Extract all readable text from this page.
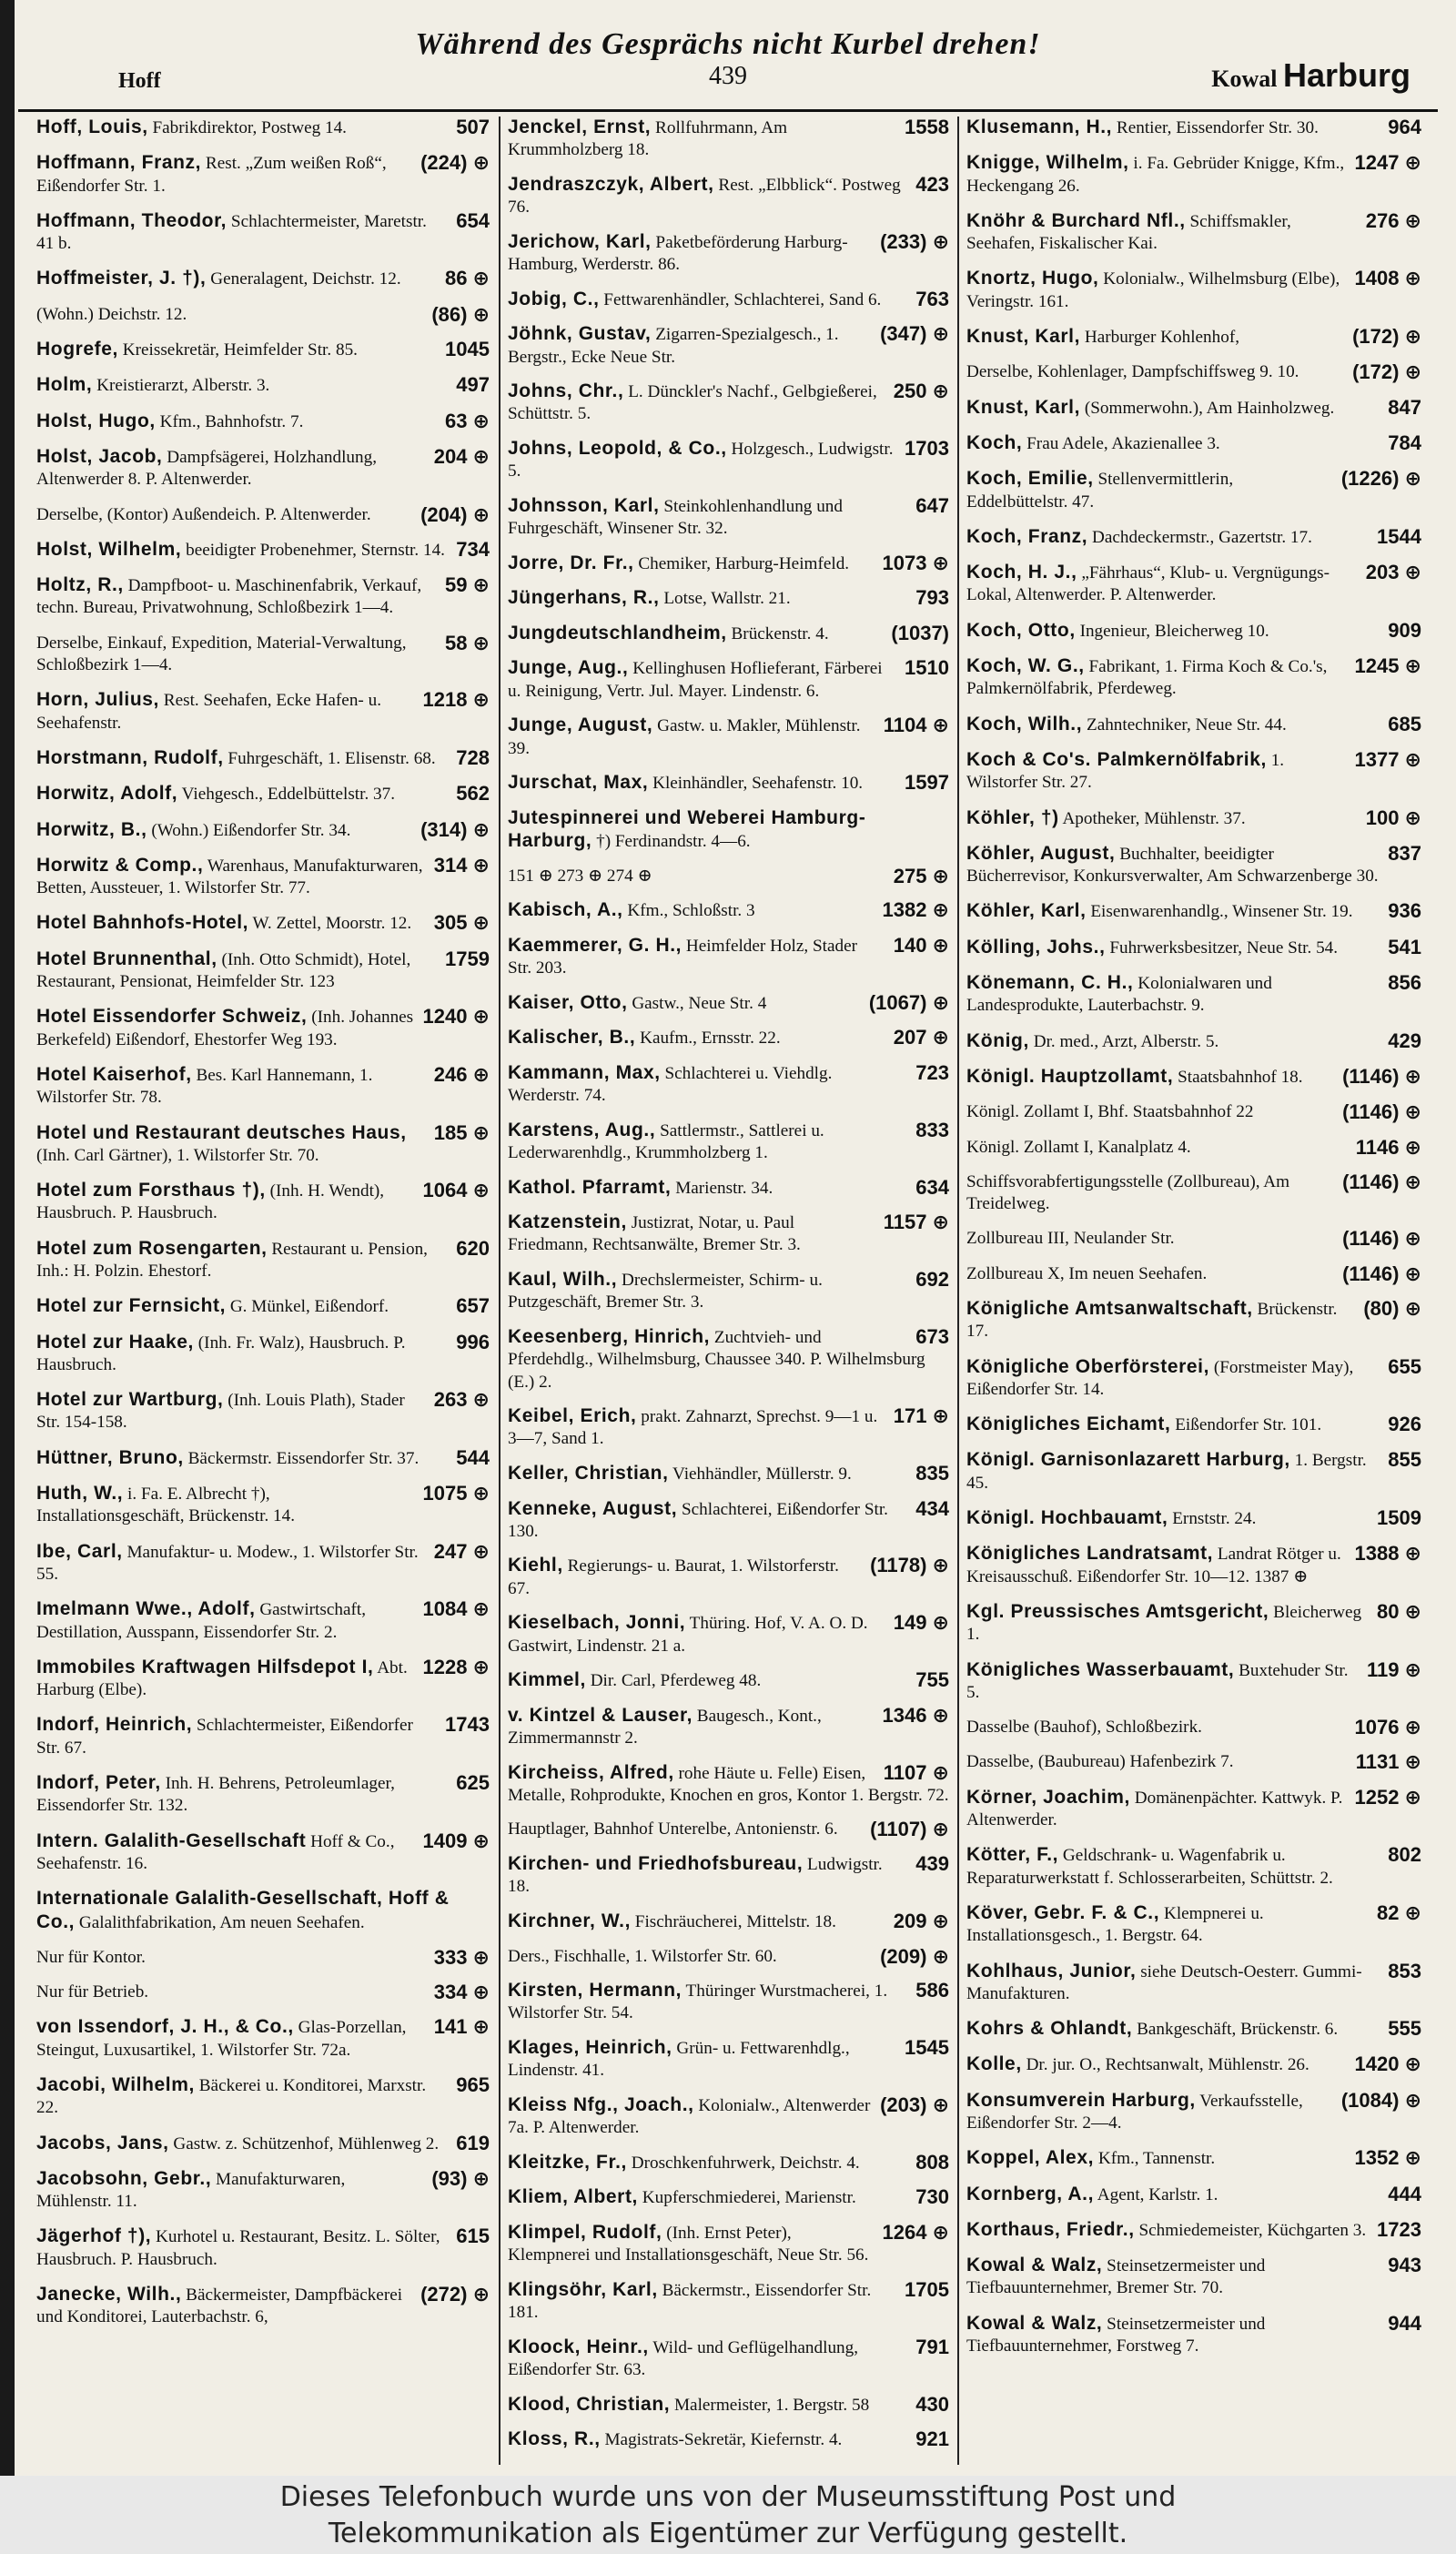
Während des Gesprächs nicht Kurbel drehen!
439
Hoff	Kowal Harburg
507
Hoff, Louis, Fabrikdirektor, Postweg 14.
(224) ⊕
Hoffmann, Franz, Rest. „Zum weißen Roß“, Eißendorfer Str. 1.
654
Hoffmann, Theodor, Schlachtermeister, Maretstr. 41 b.
86 ⊕
Hoffmeister, J. †), Generalagent, Deichstr. 12.
(86) ⊕
(Wohn.) Deichstr. 12.
1045
Hogrefe, Kreissekretär, Heimfelder Str. 85.
497
Holm, Kreistierarzt, Alberstr. 3.
63 ⊕
Holst, Hugo, Kfm., Bahnhofstr. 7.
204 ⊕
Holst, Jacob, Dampfsägerei, Holzhandlung, Altenwerder 8. P. Altenwerder.
(204) ⊕
Derselbe, (Kontor) Außendeich. P. Altenwerder.
734
Holst, Wilhelm, beeidigter Probenehmer, Sternstr. 14.
59 ⊕
Holtz, R., Dampfboot- u. Maschinenfabrik, Verkauf, techn. Bureau, Privatwohnung, Schloßbezirk 1—4.
58 ⊕
Derselbe, Einkauf, Expedition, Material-Verwaltung, Schloßbezirk 1—4.
1218 ⊕
Horn, Julius, Rest. Seehafen, Ecke Hafen- u. Seehafenstr.
728
Horstmann, Rudolf, Fuhrgeschäft, 1. Elisenstr. 68.
562
Horwitz, Adolf, Viehgesch., Eddelbüttelstr. 37.
(314) ⊕
Horwitz, B., (Wohn.) Eißendorfer Str. 34.
314 ⊕
Horwitz & Comp., Warenhaus, Manufakturwaren, Betten, Aussteuer, 1. Wilstorfer Str. 77.
305 ⊕
Hotel Bahnhofs-Hotel, W. Zettel, Moorstr. 12.
1759
Hotel Brunnenthal, (Inh. Otto Schmidt), Hotel, Restaurant, Pensionat, Heimfelder Str. 123
1240 ⊕
Hotel Eissendorfer Schweiz, (Inh. Johannes Berkefeld) Eißendorf, Ehestorfer Weg 193.
246 ⊕
Hotel Kaiserhof, Bes. Karl Hannemann, 1. Wilstorfer Str. 78.
185 ⊕
Hotel und Restaurant deutsches Haus, (Inh. Carl Gärtner), 1. Wilstorfer Str. 70.
1064 ⊕
Hotel zum Forsthaus †), (Inh. H. Wendt), Hausbruch. P. Hausbruch.
620
Hotel zum Rosengarten, Restaurant u. Pension, Inh.: H. Polzin. Ehestorf.
657
Hotel zur Fernsicht, G. Münkel, Eißendorf.
996
Hotel zur Haake, (Inh. Fr. Walz), Hausbruch. P. Hausbruch.
263 ⊕
Hotel zur Wartburg, (Inh. Louis Plath), Stader Str. 154-158.
544
Hüttner, Bruno, Bäckermstr. Eissendorfer Str. 37.
1075 ⊕
Huth, W., i. Fa. E. Albrecht †), Installationsgeschäft, Brückenstr. 14.
247 ⊕
Ibe, Carl, Manufaktur- u. Modew., 1. Wilstorfer Str. 55.
1084 ⊕
Imelmann Wwe., Adolf, Gastwirtschaft, Destillation, Ausspann, Eissendorfer Str. 2.
1228 ⊕
Immobiles Kraftwagen Hilfsdepot I, Abt. Harburg (Elbe).
1743
Indorf, Heinrich, Schlachtermeister, Eißendorfer Str. 67.
625
Indorf, Peter, Inh. H. Behrens, Petroleumlager, Eissendorfer Str. 132.
1409 ⊕
Intern. Galalith-Gesellschaft Hoff & Co., Seehafenstr. 16.
Internationale Galalith-Gesellschaft, Hoff & Co., Galalithfabrikation, Am neuen Seehafen.
333 ⊕
Nur für Kontor.
334 ⊕
Nur für Betrieb.
141 ⊕
von Issendorf, J. H., & Co., Glas-Porzellan, Steingut, Luxusartikel, 1. Wilstorfer Str. 72a.
965
Jacobi, Wilhelm, Bäckerei u. Konditorei, Marxstr. 22.
619
Jacobs, Jans, Gastw. z. Schützenhof, Mühlenweg 2.
(93) ⊕
Jacobsohn, Gebr., Manufakturwaren, Mühlenstr. 11.
615
Jägerhof †), Kurhotel u. Restaurant, Besitz. L. Sölter, Hausbruch. P. Hausbruch.
(272) ⊕
Janecke, Wilh., Bäckermeister, Dampfbäckerei und Konditorei, Lauterbachstr. 6,
1558
Jenckel, Ernst, Rollfuhrmann, Am Krummholzberg 18.
423
Jendraszczyk, Albert, Rest. „Elbblick“. Postweg 76.
(233) ⊕
Jerichow, Karl, Paketbeförderung Harburg-Hamburg, Werderstr. 86.
763
Jobig, C., Fettwarenhändler, Schlachterei, Sand 6.
(347) ⊕
Jöhnk, Gustav, Zigarren-Spezialgesch., 1. Bergstr., Ecke Neue Str.
250 ⊕
Johns, Chr., L. Dünckler's Nachf., Gelbgießerei, Schüttstr. 5.
1703
Johns, Leopold, & Co., Holzgesch., Ludwigstr. 5.
647
Johnsson, Karl, Steinkohlenhandlung und Fuhrgeschäft, Winsener Str. 32.
1073 ⊕
Jorre, Dr. Fr., Chemiker, Harburg-Heimfeld.
793
Jüngerhans, R., Lotse, Wallstr. 21.
(1037)
Jungdeutschlandheim, Brückenstr. 4.
1510
Junge, Aug., Kellinghusen Hoflieferant, Färberei u. Reinigung, Vertr. Jul. Mayer. Lindenstr. 6.
1104 ⊕
Junge, August, Gastw. u. Makler, Mühlenstr. 39.
1597
Jurschat, Max, Kleinhändler, Seehafenstr. 10.
Jutespinnerei und Weberei Hamburg-Harburg, †) Ferdinandstr. 4—6.
275 ⊕
151 ⊕ 273 ⊕ 274 ⊕
1382 ⊕
Kabisch, A., Kfm., Schloßstr. 3
140 ⊕
Kaemmerer, G. H., Heimfelder Holz, Stader Str. 203.
(1067) ⊕
Kaiser, Otto, Gastw., Neue Str. 4
207 ⊕
Kalischer, B., Kaufm., Ernsstr. 22.
723
Kammann, Max, Schlachterei u. Viehdlg. Werderstr. 74.
833
Karstens, Aug., Sattlermstr., Sattlerei u. Lederwarenhdlg., Krummholzberg 1.
634
Kathol. Pfarramt, Marienstr. 34.
1157 ⊕
Katzenstein, Justizrat, Notar, u. Paul Friedmann, Rechtsanwälte, Bremer Str. 3.
692
Kaul, Wilh., Drechslermeister, Schirm- u. Putzgeschäft, Bremer Str. 3.
673
Keesenberg, Hinrich, Zuchtvieh- und Pferdehdlg., Wilhelmsburg, Chaussee 340. P. Wilhelmsburg (E.) 2.
171 ⊕
Keibel, Erich, prakt. Zahnarzt, Sprechst. 9—1 u. 3—7, Sand 1.
835
Keller, Christian, Viehhändler, Müllerstr. 9.
434
Kenneke, August, Schlachterei, Eißendorfer Str. 130.
(1178) ⊕
Kiehl, Regierungs- u. Baurat, 1. Wilstorferstr. 67.
149 ⊕
Kieselbach, Jonni, Thüring. Hof, V. A. O. D. Gastwirt, Lindenstr. 21 a.
755
Kimmel, Dir. Carl, Pferdeweg 48.
1346 ⊕
v. Kintzel & Lauser, Baugesch., Kont., Zimmermannstr 2.
1107 ⊕
Kircheiss, Alfred, rohe Häute u. Felle) Eisen, Metalle, Rohprodukte, Knochen en gros, Kontor 1. Bergstr. 72.
(1107) ⊕
Hauptlager, Bahnhof Unterelbe, Antonienstr. 6.
439
Kirchen- und Friedhofsbureau, Ludwigstr. 18.
209 ⊕
Kirchner, W., Fischräucherei, Mittelstr. 18.
(209) ⊕
Ders., Fischhalle, 1. Wilstorfer Str. 60.
586
Kirsten, Hermann, Thüringer Wurstmacherei, 1. Wilstorfer Str. 54.
1545
Klages, Heinrich, Grün- u. Fettwarenhdlg., Lindenstr. 41.
(203) ⊕
Kleiss Nfg., Joach., Kolonialw., Altenwerder 7a. P. Altenwerder.
808
Kleitzke, Fr., Droschkenfuhrwerk, Deichstr. 4.
730
Kliem, Albert, Kupferschmiederei, Marienstr.
1264 ⊕
Klimpel, Rudolf, (Inh. Ernst Peter), Klempnerei und Installationsgeschäft, Neue Str. 56.
1705
Klingsöhr, Karl, Bäckermstr., Eissendorfer Str. 181.
791
Kloock, Heinr., Wild- und Geflügelhandlung, Eißendorfer Str. 63.
430
Klood, Christian, Malermeister, 1. Bergstr. 58
921
Kloss, R., Magistrats-Sekretär, Kiefernstr. 4.
964
Klusemann, H., Rentier, Eissendorfer Str. 30.
1247 ⊕
Knigge, Wilhelm, i. Fa. Gebrüder Knigge, Kfm., Heckengang 26.
276 ⊕
Knöhr & Burchard Nfl., Schiffsmakler, Seehafen, Fiskalischer Kai.
1408 ⊕
Knortz, Hugo, Kolonialw., Wilhelmsburg (Elbe), Veringstr. 161.
(172) ⊕
Knust, Karl, Harburger Kohlenhof,
(172) ⊕
Derselbe, Kohlenlager, Dampfschiffsweg 9. 10.
847
Knust, Karl, (Sommerwohn.), Am Hainholzweg.
784
Koch, Frau Adele, Akazienallee 3.
(1226) ⊕
Koch, Emilie, Stellenvermittlerin, Eddelbüttelstr. 47.
1544
Koch, Franz, Dachdeckermstr., Gazertstr. 17.
203 ⊕
Koch, H. J., „Fährhaus“, Klub- u. Vergnügungs-Lokal, Altenwerder. P. Altenwerder.
909
Koch, Otto, Ingenieur, Bleicherweg 10.
1245 ⊕
Koch, W. G., Fabrikant, 1. Firma Koch & Co.'s, Palmkernölfabrik, Pferdeweg.
685
Koch, Wilh., Zahntechniker, Neue Str. 44.
1377 ⊕
Koch & Co's. Palmkernölfabrik, 1. Wilstorfer Str. 27.
100 ⊕
Köhler, †) Apotheker, Mühlenstr. 37.
837
Köhler, August, Buchhalter, beeidigter Bücherrevisor, Konkursverwalter, Am Schwarzenberge 30.
936
Köhler, Karl, Eisenwarenhandlg., Winsener Str. 19.
541
Kölling, Johs., Fuhrwerksbesitzer, Neue Str. 54.
856
Könemann, C. H., Kolonialwaren und Landesprodukte, Lauterbachstr. 9.
429
König, Dr. med., Arzt, Alberstr. 5.
(1146) ⊕
Königl. Hauptzollamt, Staatsbahnhof 18.
(1146) ⊕
Königl. Zollamt I, Bhf. Staatsbahnhof 22
1146 ⊕
Königl. Zollamt I, Kanalplatz 4.
(1146) ⊕
Schiffsvorabfertigungsstelle (Zollbureau), Am Treidelweg.
(1146) ⊕
Zollbureau III, Neulander Str.
(1146) ⊕
Zollbureau X, Im neuen Seehafen.
(80) ⊕
Königliche Amtsanwaltschaft, Brückenstr. 17.
655
Königliche Oberförsterei, (Forstmeister May), Eißendorfer Str. 14.
926
Königliches Eichamt, Eißendorfer Str. 101.
855
Königl. Garnisonlazarett Harburg, 1. Bergstr. 45.
1509
Königl. Hochbauamt, Ernststr. 24.
1388 ⊕
Königliches Landratsamt, Landrat Rötger u. Kreisausschuß. Eißendorfer Str. 10—12. 1387 ⊕
80 ⊕
Kgl. Preussisches Amtsgericht, Bleicherweg 1.
119 ⊕
Königliches Wasserbauamt, Buxtehuder Str. 5.
1076 ⊕
Dasselbe (Bauhof), Schloßbezirk.
1131 ⊕
Dasselbe, (Baubureau) Hafenbezirk 7.
1252 ⊕
Körner, Joachim, Domänenpächter. Kattwyk. P. Altenwerder.
802
Kötter, F., Geldschrank- u. Wagenfabrik u. Reparaturwerkstatt f. Schlosserarbeiten, Schüttstr. 2.
82 ⊕
Köver, Gebr. F. & C., Klempnerei u. Installationsgesch., 1. Bergstr. 64.
853
Kohlhaus, Junior, siehe Deutsch-Oesterr. Gummi-Manufakturen.
555
Kohrs & Ohlandt, Bankgeschäft, Brückenstr. 6.
1420 ⊕
Kolle, Dr. jur. O., Rechtsanwalt, Mühlenstr. 26.
(1084) ⊕
Konsumverein Harburg, Verkaufsstelle, Eißendorfer Str. 2—4.
1352 ⊕
Koppel, Alex, Kfm., Tannenstr.
444
Kornberg, A., Agent, Karlstr. 1.
1723
Korthaus, Friedr., Schmiedemeister, Küchgarten 3.
943
Kowal & Walz, Steinsetzermeister und Tiefbauunternehmer, Bremer Str. 70.
944
Kowal & Walz, Steinsetzermeister und Tiefbauunternehmer, Forstweg 7.
Dieses Telefonbuch wurde uns von der Museumsstiftung Post und
Telekommunikation als Eigentümer zur Verfügung gestellt.
